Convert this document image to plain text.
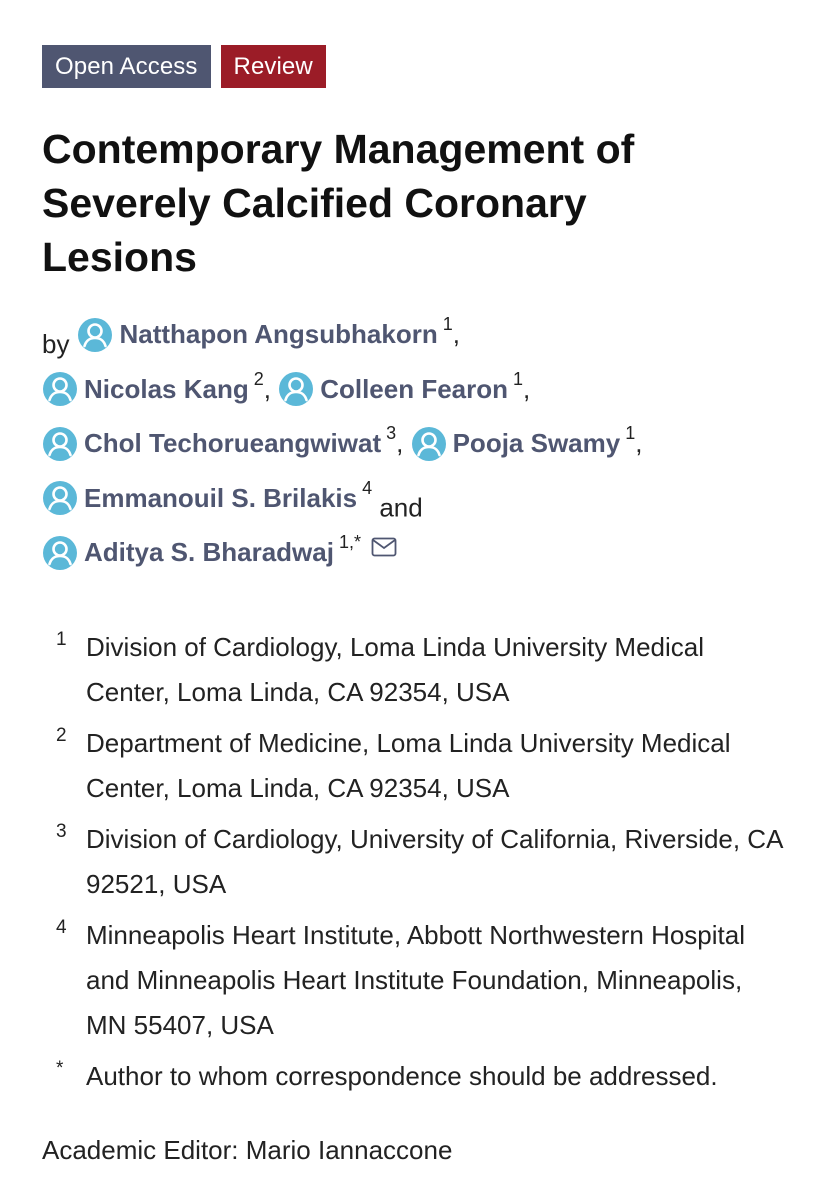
Open Access	Review
Contemporary Management of Severely Calcified Coronary Lesions
by Natthapon Angsubhakorn $^1$ ,

Nicolas Kang $^2$ ,
Colleen Fearon $^1$ ,

Chol Techorueangwiwat $^3$ ,
Pooja Swamy $^1$ ,

Emmanouil S. Brilakis $^4$
and

Aditya S. Bharadwaj $^{1,*}$
1 Division of Cardiology, Loma Linda University Medical Center, Loma Linda, CA 92354, USA
2 Department of Medicine, Loma Linda University Medical Center, Loma Linda, CA 92354, USA
3 Division of Cardiology, University of California, Riverside, CA 92521, USA
4 Minneapolis Heart Institute, Abbott Northwestern Hospital and Minneapolis Heart Institute Foundation, Minneapolis, MN 55407, USA
* Author to whom correspondence should be addressed.
Academic Editor: Mario Iannaccone
